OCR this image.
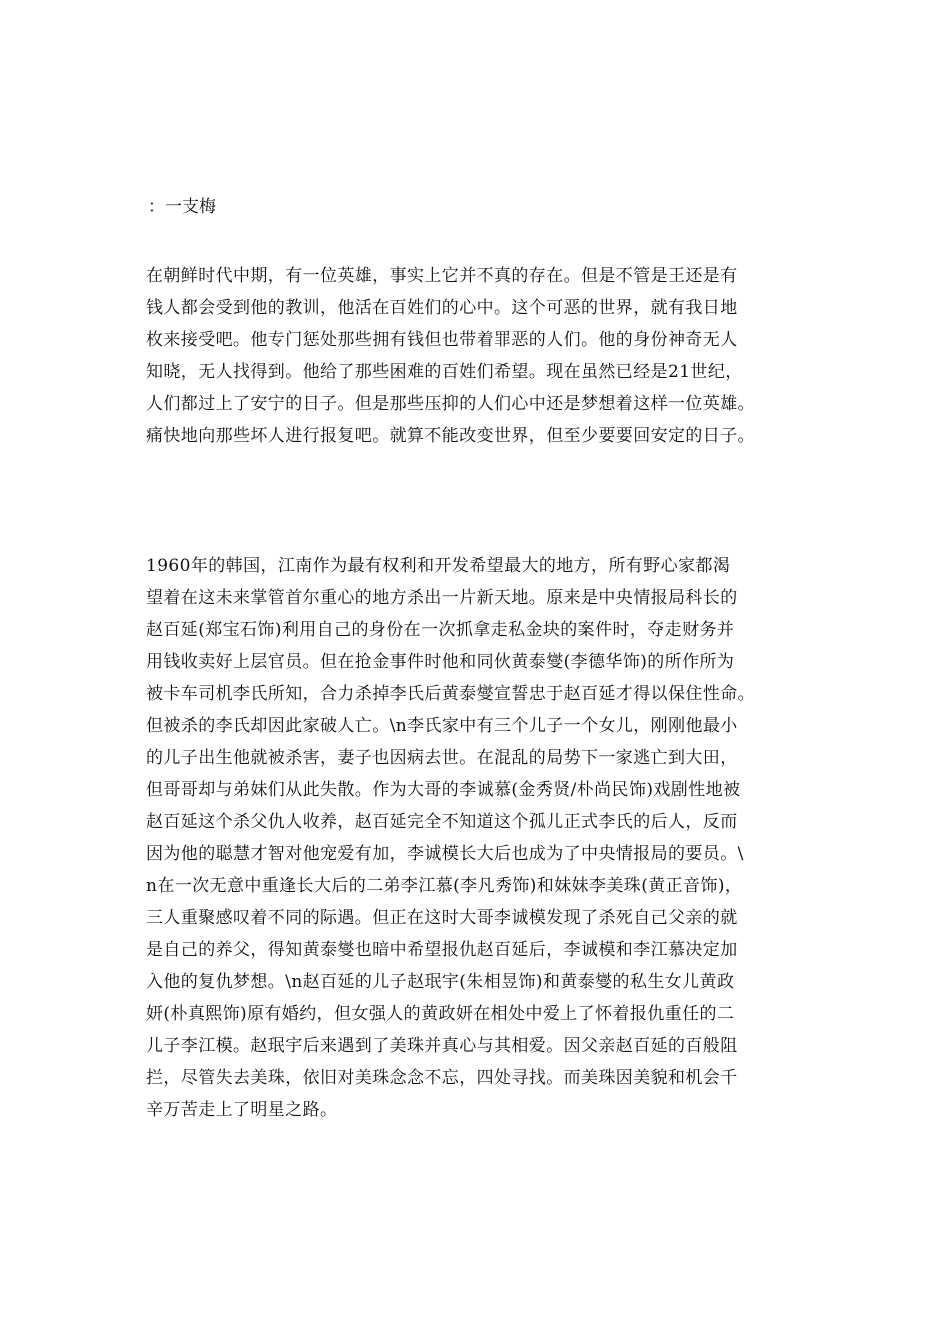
：一支梅
在朝鲜时代中期，有一位英雄，事实上它并不真的存在。但是不管是王还是有
钱人都会受到他的教训，他活在百姓们的心中。这个可恶的世界，就有我日地
枚来接受吧。他专门惩处那些拥有钱但也带着罪恶的人们。他的身份神奇无人
知晓，无人找得到。他给了那些困难的百姓们希望。现在虽然已经是21世纪，
人们都过上了安宁的日子。但是那些压抑的人们心中还是梦想着这样一位英雄。
痛快地向那些坏人进行报复吧。就算不能改变世界，但至少要要回安定的日子。
1960年的韩国，江南作为最有权利和开发希望最大的地方，所有野心家都渴
望着在这未来掌管首尔重心的地方杀出一片新天地。原来是中央情报局科长的
赵百延(郑宝石饰)利用自己的身份在一次抓拿走私金块的案件时，夺走财务并
用钱收卖好上层官员。但在抢金事件时他和同伙黄泰燮(李德华饰)的所作所为
被卡车司机李氏所知，合力杀掉李氏后黄泰燮宣誓忠于赵百延才得以保住性命。
但被杀的李氏却因此家破人亡。\n李氏家中有三个儿子一个女儿，刚刚他最小
的儿子出生他就被杀害，妻子也因病去世。在混乱的局势下一家逃亡到大田，
但哥哥却与弟妹们从此失散。作为大哥的李诚慕(金秀贤/朴尚民饰)戏剧性地被
赵百延这个杀父仇人收养，赵百延完全不知道这个孤儿正式李氏的后人，反而
因为他的聪慧才智对他宠爱有加，李诚模长大后也成为了中央情报局的要员。\
n在一次无意中重逢长大后的二弟李江慕(李凡秀饰)和妹妹李美珠(黄正音饰)，
三人重聚感叹着不同的际遇。但正在这时大哥李诚模发现了杀死自己父亲的就
是自己的养父，得知黄泰燮也暗中希望报仇赵百延后，李诚模和李江慕决定加
入他的复仇梦想。\n赵百延的儿子赵珉宇(朱相昱饰)和黄泰燮的私生女儿黄政
妍(朴真熙饰)原有婚约，但女强人的黄政妍在相处中爱上了怀着报仇重任的二
儿子李江模。赵珉宇后来遇到了美珠并真心与其相爱。因父亲赵百延的百般阻
拦，尽管失去美珠，依旧对美珠念念不忘，四处寻找。而美珠因美貌和机会千
辛万苦走上了明星之路。
